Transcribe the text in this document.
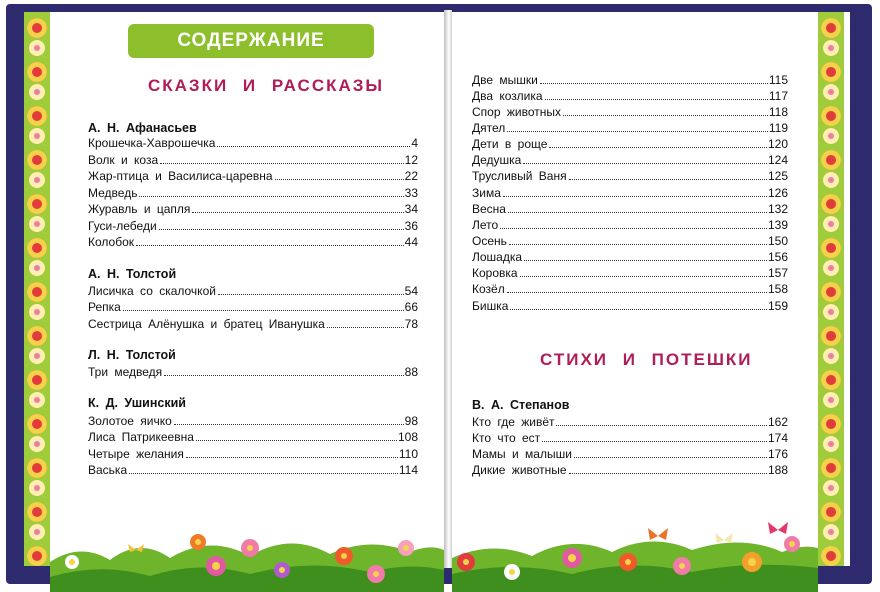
СОДЕРЖАНИЕ
СКАЗКИ И РАССКАЗЫ
А. Н. Афанасьев
Крошечка-Хаврошечка	4
Волк и коза	12
Жар-птица и Василиса-царевна	22
Медведь	33
Журавль и цапля	34
Гуси-лебеди	36
Колобок	44
А. Н. Толстой
Лисичка со скалочкой	54
Репка	66
Сестрица Алёнушка и братец Иванушка	78
Л. Н. Толстой
Три медведя	88
К. Д. Ушинский
Золотое яичко	98
Лиса Патрикеевна	108
Четыре желания	110
Васька	114
Две мышки	115
Два козлика	117
Спор животных	118
Дятел	119
Дети в роще	120
Дедушка	124
Трусливый Ваня	125
Зима	126
Весна	132
Лето	139
Осень	150
Лошадка	156
Коровка	157
Козёл	158
Бишка	159
СТИХИ И ПОТЕШКИ
В. А. Степанов
Кто где живёт	162
Кто что ест	174
Мамы и малыши	176
Дикие животные	188
